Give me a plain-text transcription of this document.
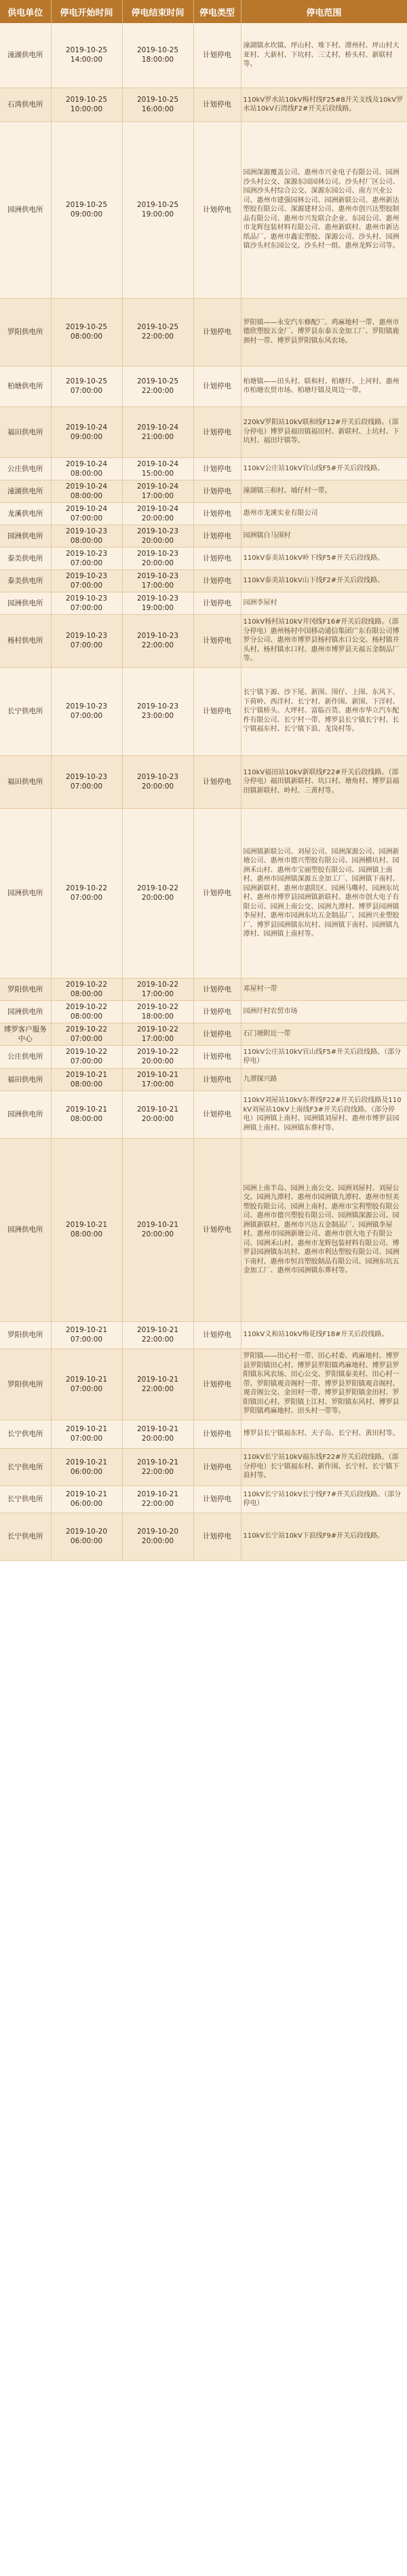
供电单位	停电开始时间	停电结束时间	停电类型	停电范围
潼湖供电所	2019-10-25 14:00:00	2019-10-25 18:00:00	计划停电	潼湖镇水坎镇、坪山村、堆下村、潭州村、坪山村大亚村、大新村、下坑村、三丈村、桥头村、新联村等。
石湾供电所	2019-10-25 10:00:00	2019-10-25 16:00:00	计划停电	110kV罗水站10kV梅村线F25#8开关支线及10kV罗水站10kV石湾线F2#开关后段线路。
园洲供电所	2019-10-25 09:00:00	2019-10-25 19:00:00	计划停电	园洲深源覆盖公司、惠州市兴业电子有限公司、园洲沙头村公交、深源东园园林公司、沙头村厂区公司、园洲沙头村综合公交、深源东园公司、南方兴业公司、惠州市建强园林公司、园洲新联公司、惠州新达塑胶有限公司、深源建材公司、惠州市创兴达塑胶制品有限公司、惠州市兴发联合企业、东园公司、惠州市龙辉包装材料有限公司、惠州新联村、惠州市新达纸品厂、惠州市鑫宏塑胶、深源公司、沙头村、园洲镇沙头村东园公交、沙头村一组、惠州龙辉公司等。
罗阳供电所	2019-10-25 08:00:00	2019-10-25 22:00:00	计划停电	罗阳镇——永安汽车修配厂、鸡麻地村一带、惠州市德欣塑胶五金厂、博罗县东泰五金加工厂、罗阳镇鹿颈村一带、博罗县罗阳镇东风农场。
柏塘供电所	2019-10-25 07:00:00	2019-10-25 22:00:00	计划停电	柏塘镇——田头村、联和村、柏塘圩、上河村、惠州市柏塘农贸市场、柏塘圩镇及周边一带。
福田供电所	2019-10-24 09:00:00	2019-10-24 21:00:00	计划停电	220kV罗阳站10kV联和线F12#开关后段线路。（部分停电）博罗县福田镇福田村、新联村、上坑村、下坑村、福田圩镇等。
公庄供电所	2019-10-24 08:00:00	2019-10-24 15:00:00	计划停电	110kV公庄站10kV官山线F5#开关后段线路。
潼湖供电所	2019-10-24 08:00:00	2019-10-24 17:00:00	计划停电	潼湖镇三和村、埔仔村一带。
龙溪供电所	2019-10-24 07:00:00	2019-10-24 20:00:00	计划停电	惠州市龙溪实业有限公司
园洲供电所	2019-10-23 08:00:00	2019-10-23 20:00:00	计划停电	园洲镇白马围村
泰美供电所	2019-10-23 07:00:00	2019-10-23 20:00:00	计划停电	110kV泰美站10kV岭下线F5#开关后段线路。
泰美供电所	2019-10-23 07:00:00	2019-10-23 17:00:00	计划停电	110kV泰美站10kV山下线F2#开关后段线路。
园洲供电所	2019-10-23 07:00:00	2019-10-23 19:00:00	计划停电	园洲李屋村
杨村供电所	2019-10-23 07:00:00	2019-10-23 22:00:00	计划停电	110kV杨村站10kV井冈线F16#开关后段线路。（部分停电）惠州杨村中国移动通信集团广东有限公司博罗分公司、惠州市博罗县杨村镇水口公交、杨村镇井头村、杨村镇水口村、惠州市博罗县天福五金制品厂等。
长宁供电所	2019-10-23 07:00:00	2019-10-23 23:00:00	计划停电	长宁镇下源、沙下尾、新围、围仔、上围、东风下、下荷岭、西洋村、长宁村、新作围、新围、下洋村、长宁镇桥头、大坪村、富临百货、惠州市华立汽车配件有限公司、长宁村一带、博罗县长宁镇长宁村、长宁镇福东村、长宁镇下浪、龙岗村等。
福田供电所	2019-10-23 07:00:00	2019-10-23 20:00:00	计划停电	110kV福田站10kV新联线F22#开关后段线路。（部分停电）福田镇新联村、坑口村、塘角村、博罗县福田镇新联村、岭村、三黄村等。
园洲供电所	2019-10-22 07:00:00	2019-10-22 20:00:00	计划停电	园洲镇新联公司、刘屋公司、园洲深源公司、园洲新塘公司、惠州市德兴塑胶有限公司、园洲横坑村、园洲禾山村、惠州市宝丽塑胶有限公司、园洲镇上南村、惠州市园洲镇深源五金加工厂、园洲镇下南村、园洲新联村、惠州市惠阳区、园洲马嘶村、园洲东坑村、惠州市博罗县园洲镇新联村、惠州市创大电子有限公司、园洲上南公交、园洲九潭村、博罗县园洲镇李屋村、惠州市园洲东坑五金制品厂、园洲兴业塑胶厂、博罗县园洲镇东坑村、园洲镇下南村、园洲镇九潭村、园洲镇上南村等。
罗阳供电所	2019-10-22 08:00:00	2019-10-22 17:00:00	计划停电	邓屋村一带
园洲供电所	2019-10-22 08:00:00	2019-10-22 18:00:00	计划停电	园洲圩村农贸市场
博罗客户服务中心	2019-10-22 07:00:00	2019-10-22 17:00:00	计划停电	石门塘附近一带
公庄供电所	2019-10-22 07:00:00	2019-10-22 20:00:00	计划停电	110kV公庄站10kV官山线F5#开关后段线路。（部分停电）
福田供电所	2019-10-21 08:00:00	2019-10-21 17:00:00	计划停电	九潭探兴路
园洲供电所	2019-10-21 08:00:00	2019-10-21 20:00:00	计划停电	110kV刘屋站10kV东葬线F22#开关后段线路及110kV刘屋站10kV上南线F3#开关后段线路。（部分停电）园洲镇上南村、园洲镇刘屋村、惠州市博罗县园洲镇上南村、园洲镇东葬村等。
园洲供电所	2019-10-21 08:00:00	2019-10-21 20:00:00	计划停电	园洲上南半岛、园洲上南公交、园洲刘屋村、刘屋公交、园洲九潭村、惠州市园洲镇九潭村、惠州市恒美塑胶有限公司、园洲上南村、惠州市宝利塑胶有限公司、惠州市德兴塑胶有限公司、园洲镇深源公司、园洲镇新联村、惠州市兴达五金制品厂、园洲镇李屋村、惠州市园洲新塘公司、惠州市创大电子有限公司、园洲禾山村、惠州市龙辉包装材料有限公司、博罗县园洲镇东坑村、惠州市利达塑胶有限公司、园洲下南村、惠州市恒昌塑胶制品有限公司、园洲东坑五金加工厂、惠州市园洲镇东葬村等。
罗阳供电所	2019-10-21 07:00:00	2019-10-21 22:00:00	计划停电	110kV义和站10kV梅花线F18#开关后段线路。
罗阳供电所	2019-10-21 07:00:00	2019-10-21 22:00:00	计划停电	罗阳镇——田心村一带、田心村委、鸡麻地村、博罗县罗阳镇田心村、博罗县罗阳镇鸡麻地村、博罗县罗阳镇东风农场、田心公交、罗阳镇泰美村、田心村一带、罗阳镇观音阁村一带、博罗县罗阳镇观音阁村、观音阁公交、金田村一带、博罗县罗阳镇金田村、罗阳镇田心村、罗阳镇上江村、罗阳镇东风村、博罗县罗阳镇鸡麻地村、田头村一带等。
长宁供电所	2019-10-21 07:00:00	2019-10-21 20:00:00	计划停电	博罗县长宁镇福东村、天子岛、长宁村、黄田村等。
长宁供电所	2019-10-21 06:00:00	2019-10-21 22:00:00	计划停电	110kV长宁站10kV福东线F22#开关后段线路。（部分停电）长宁镇福东村、新作围、长宁村、长宁镇下浪村等。
长宁供电所	2019-10-21 06:00:00	2019-10-21 22:00:00	计划停电	110kV长宁站10kV长宁线F7#开关后段线路。（部分停电）
长宁供电所	2019-10-20 06:00:00	2019-10-20 20:00:00	计划停电	110kV长宁站10kV下浪线F9#开关后段线路。
